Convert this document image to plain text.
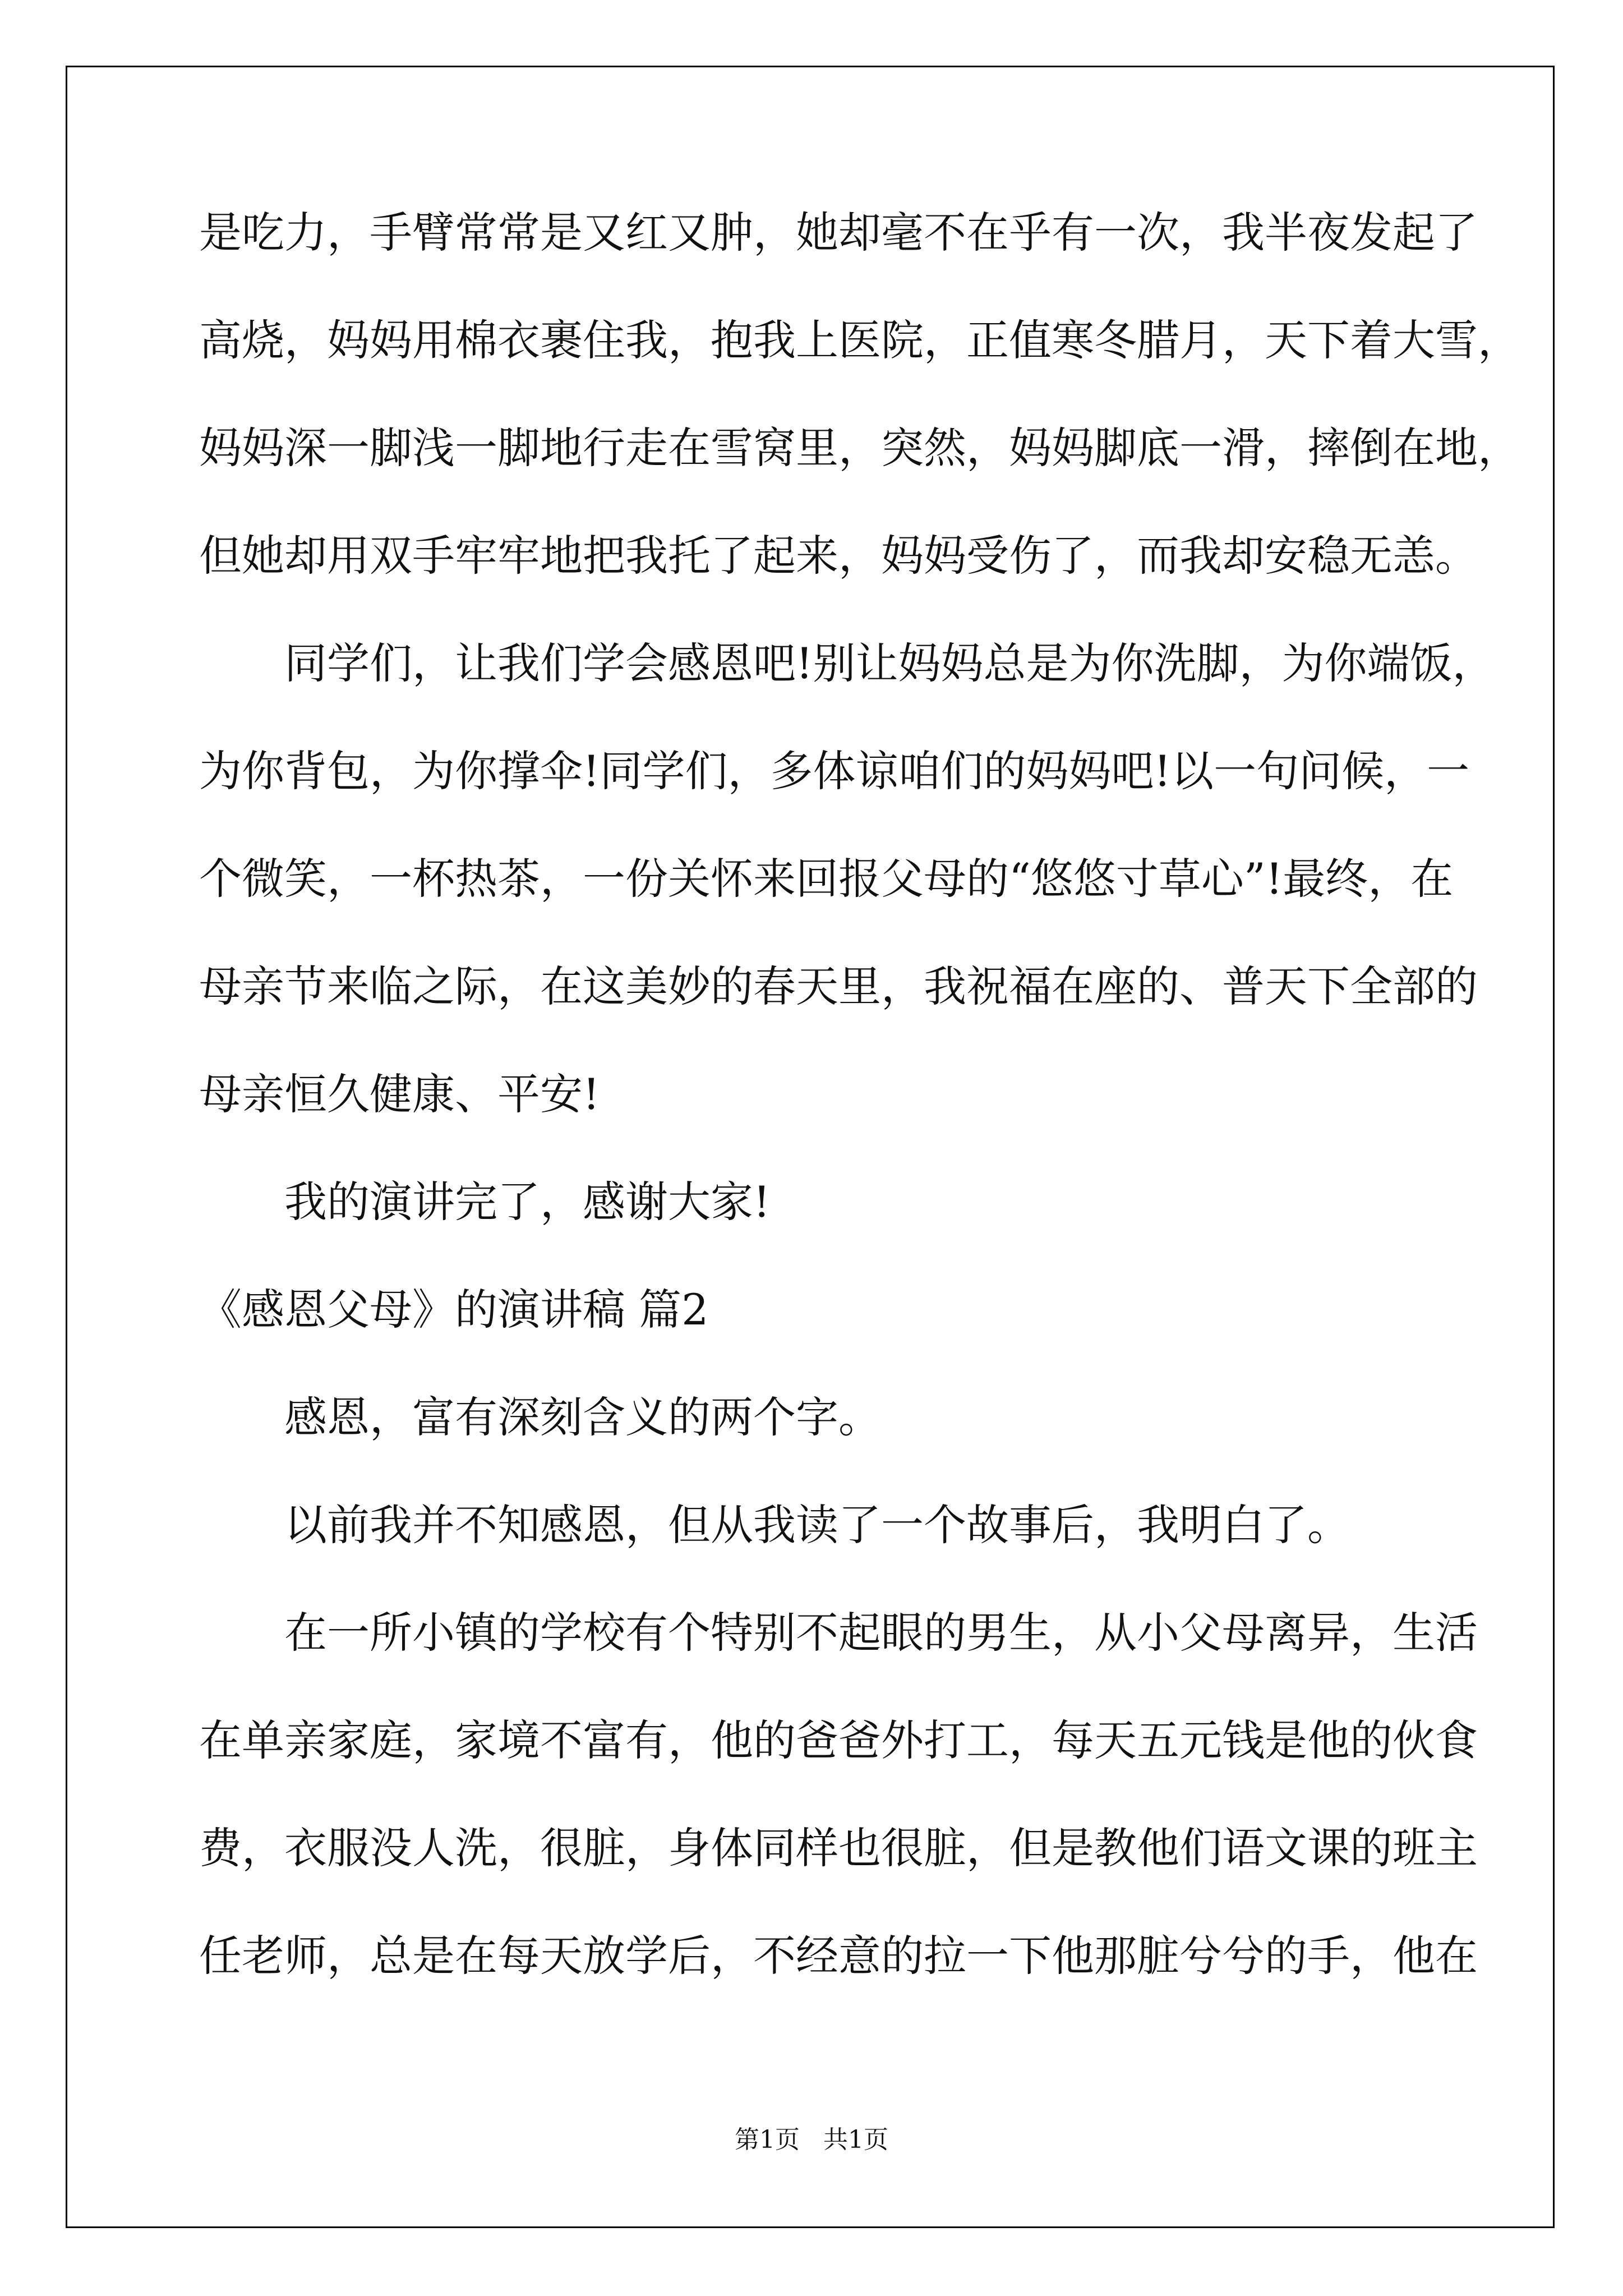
是吃力，手臂常常是又红又肿，她却毫不在乎有一次，我半夜发起了
高烧，妈妈用棉衣裹住我，抱我上医院，正值寒冬腊月，天下着大雪，
妈妈深一脚浅一脚地行走在雪窝里，突然，妈妈脚底一滑，摔倒在地，
但她却用双手牢牢地把我托了起来，妈妈受伤了，而我却安稳无恙。
同学们，让我们学会感恩吧!别让妈妈总是为你洗脚，为你端饭，
为你背包，为你撑伞!同学们，多体谅咱们的妈妈吧!以一句问候，一
个微笑，一杯热茶，一份关怀来回报父母的“悠悠寸草心”!最终，在
母亲节来临之际，在这美妙的春天里，我祝福在座的、普天下全部的
母亲恒久健康、平安!
我的演讲完了，感谢大家!
《感恩父母》的演讲稿 篇2
感恩，富有深刻含义的两个字。
以前我并不知感恩，但从我读了一个故事后，我明白了。
在一所小镇的学校有个特别不起眼的男生，从小父母离异，生活
在单亲家庭，家境不富有，他的爸爸外打工，每天五元钱是他的伙食
费，衣服没人洗，很脏，身体同样也很脏，但是教他们语文课的班主
任老师，总是在每天放学后，不经意的拉一下他那脏兮兮的手，他在
第1页 共1页
